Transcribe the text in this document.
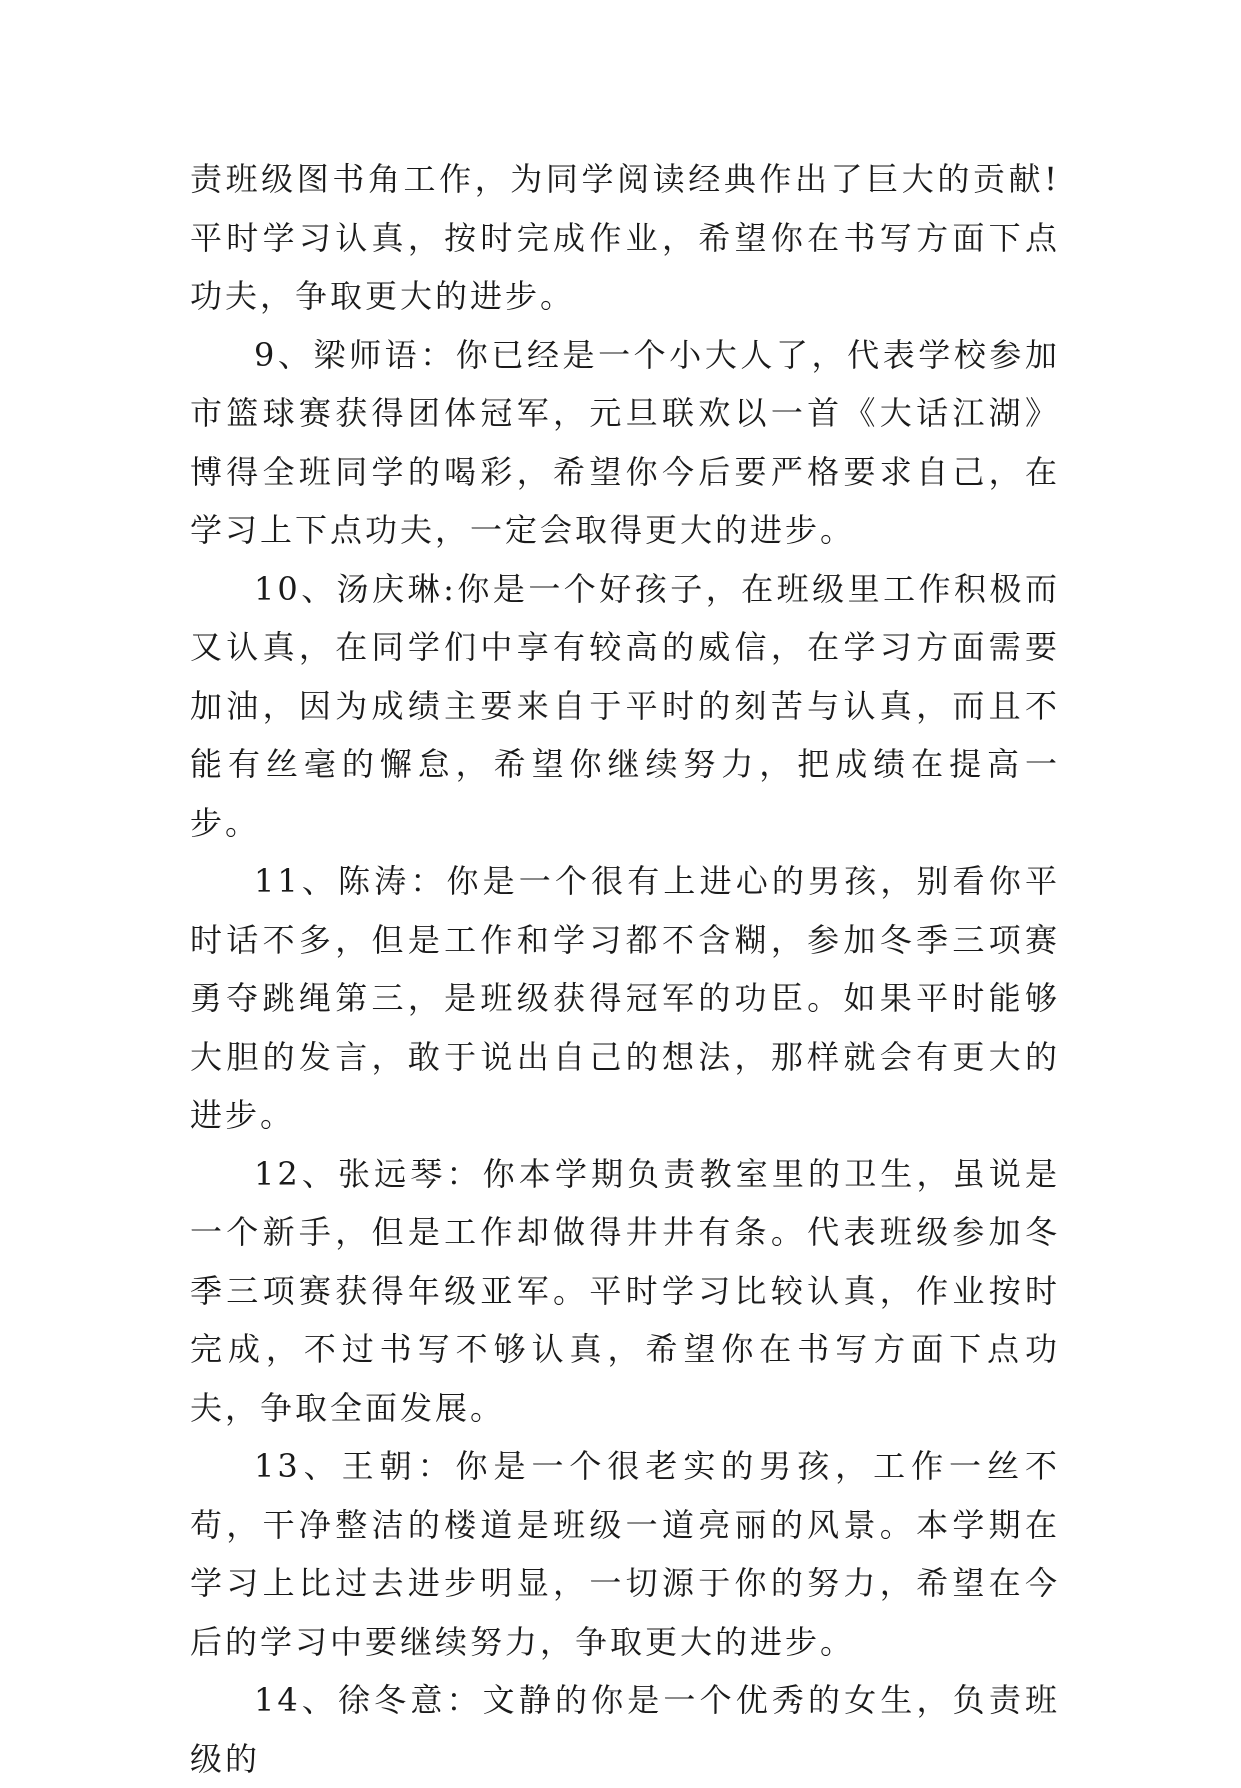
责班级图书角工作，为同学阅读经典作出了巨大的贡献!平时学习认真，按时完成作业，希望你在书写方面下点功夫，争取更大的进步。

9、梁师语：你已经是一个小大人了，代表学校参加市篮球赛获得团体冠军，元旦联欢以一首《大话江湖》博得全班同学的喝彩，希望你今后要严格要求自己，在学习上下点功夫，一定会取得更大的进步。

10、汤庆琳:你是一个好孩子，在班级里工作积极而又认真，在同学们中享有较高的威信，在学习方面需要加油，因为成绩主要来自于平时的刻苦与认真，而且不能有丝毫的懈怠，希望你继续努力，把成绩在提高一步。

11、陈涛：你是一个很有上进心的男孩，别看你平时话不多，但是工作和学习都不含糊，参加冬季三项赛勇夺跳绳第三，是班级获得冠军的功臣。如果平时能够大胆的发言，敢于说出自己的想法，那样就会有更大的进步。

12、张远琴：你本学期负责教室里的卫生，虽说是一个新手，但是工作却做得井井有条。代表班级参加冬季三项赛获得年级亚军。平时学习比较认真，作业按时完成，不过书写不够认真，希望你在书写方面下点功夫，争取全面发展。

13、王朝：你是一个很老实的男孩，工作一丝不苟，干净整洁的楼道是班级一道亮丽的风景。本学期在学习上比过去进步明显，一切源于你的努力，希望在今后的学习中要继续努力，争取更大的进步。

14、徐冬意：文静的你是一个优秀的女生，负责班级的
